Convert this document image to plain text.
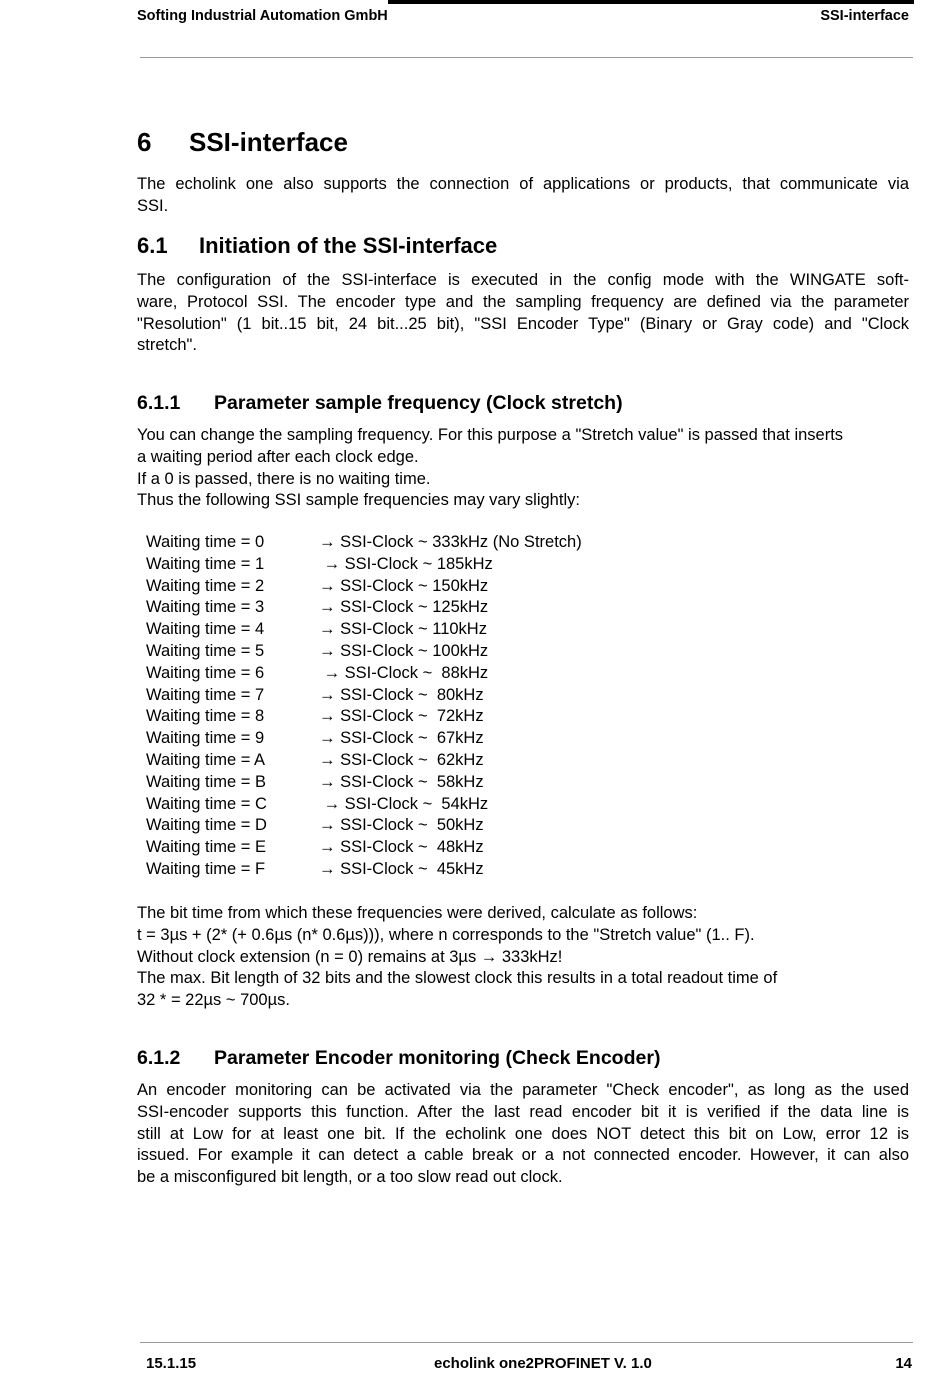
Softing Industrial Automation GmbH	SSI-interface
6 SSI-interface

The echolink one also supports the connection of applications or products, that communicate via
SSI.

6.1 Initiation of the SSI-interface

The configuration of the SSI-interface is executed in the config mode with the WINGATE soft-
ware, Protocol SSI. The encoder type and the sampling frequency are defined via the parameter
"Resolution" (1 bit..15 bit, 24 bit...25 bit), "SSI Encoder Type" (Binary or Gray code) and "Clock
stretch".

6.1.1 Parameter sample frequency (Clock stretch)

You can change the sampling frequency. For this purpose a "Stretch value" is passed that inserts
a waiting period after each clock edge.
If a 0 is passed, there is no waiting time.
Thus the following SSI sample frequencies may vary slightly:

Waiting time = 0	→ SSI-Clock ~ 333kHz (No Stretch)
Waiting time = 1	→ SSI-Clock ~ 185kHz
Waiting time = 2	→ SSI-Clock ~ 150kHz
Waiting time = 3	→ SSI-Clock ~ 125kHz
Waiting time = 4	→ SSI-Clock ~ 110kHz
Waiting time = 5	→ SSI-Clock ~ 100kHz
Waiting time = 6	→ SSI-Clock ~  88kHz
Waiting time = 7	→ SSI-Clock ~  80kHz
Waiting time = 8	→ SSI-Clock ~  72kHz
Waiting time = 9	→ SSI-Clock ~  67kHz
Waiting time = A	→ SSI-Clock ~  62kHz
Waiting time = B	→ SSI-Clock ~  58kHz
Waiting time = C	→ SSI-Clock ~  54kHz
Waiting time = D	→ SSI-Clock ~  50kHz
Waiting time = E	→ SSI-Clock ~  48kHz
Waiting time = F	→ SSI-Clock ~  45kHz

The bit time from which these frequencies were derived, calculate as follows:
t = 3µs + (2* (+ 0.6µs (n* 0.6µs))), where n corresponds to the "Stretch value" (1.. F).
Without clock extension (n = 0) remains at 3µs → 333kHz!
The max. Bit length of 32 bits and the slowest clock this results in a total readout time of
32 * = 22µs ~ 700µs.

6.1.2 Parameter Encoder monitoring (Check Encoder)

An encoder monitoring can be activated via the parameter "Check encoder", as long as the used
SSI-encoder supports this function. After the last read encoder bit it is verified if the data line is
still at Low for at least one bit. If the echolink one does NOT detect this bit on Low, error 12 is
issued. For example it can detect a cable break or a not connected encoder. However, it can also
be a misconfigured bit length, or a too slow read out clock.

15.1.15	echolink one2PROFINET V. 1.0	14
